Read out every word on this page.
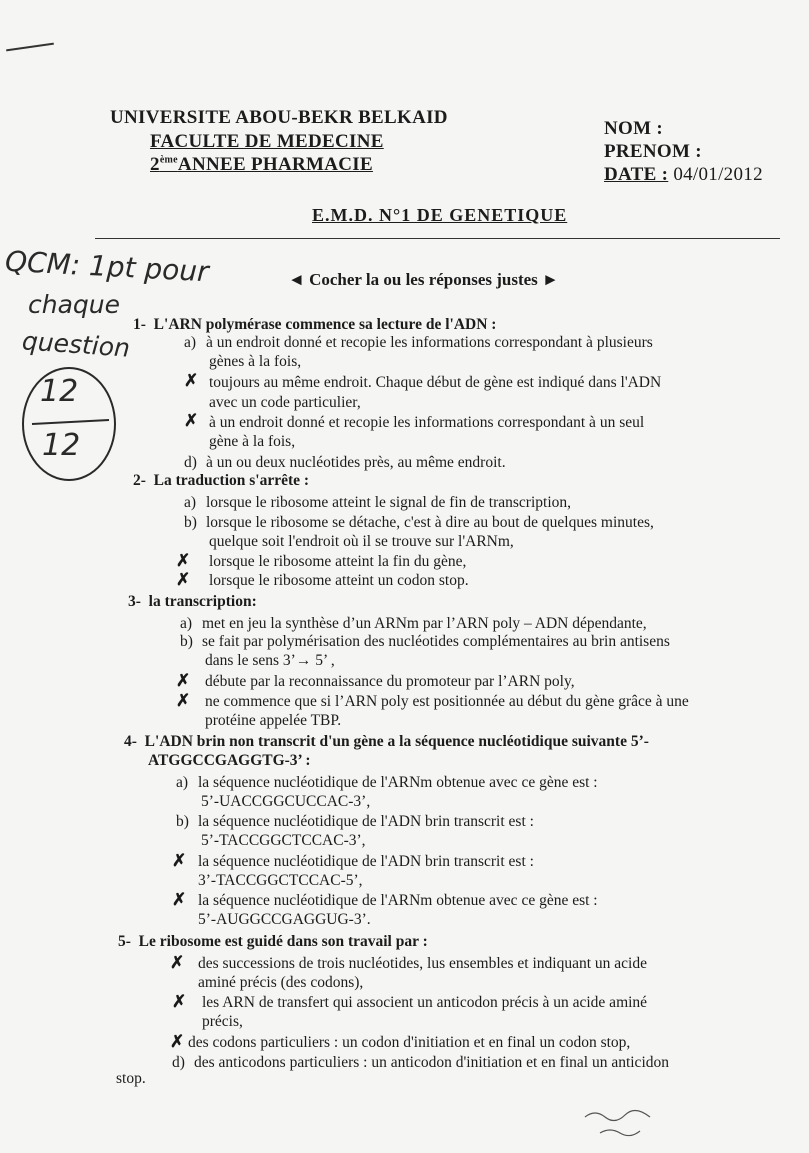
UNIVERSITE ABOU-BEKR BELKAID
FACULTE DE MEDECINE
2èmeANNEE PHARMACIE
NOM :
PRENOM :
DATE : 04/01/2012
E.M.D. N°1 DE GENETIQUE
◄ Cocher la ou les réponses justes ►
QCM: 1pt pour
chaque
question
12
12
1- L'ARN polymérase commence sa lecture de l'ADN :
a) à un endroit donné et recopie les informations correspondant à plusieurs
gènes à la fois,
toujours au même endroit. Chaque début de gène est indiqué dans l'ADN
avec un code particulier,
à un endroit donné et recopie les informations correspondant à un seul
gène à la fois,
d) à un ou deux nucléotides près, au même endroit.
✗
✗
2- La traduction s'arrête :
a) lorsque le ribosome atteint le signal de fin de transcription,
b) lorsque le ribosome se détache, c'est à dire au bout de quelques minutes,
quelque soit l'endroit où il se trouve sur l'ARNm,
lorsque le ribosome atteint la fin du gène,
lorsque le ribosome atteint un codon stop.
✗
✗
3- la transcription:
a) met en jeu la synthèse d’un ARNm par l’ARN poly – ADN dépendante,
b) se fait par polymérisation des nucléotides complémentaires au brin antisens
dans le sens 3’→ 5’ ,
débute par la reconnaissance du promoteur par l’ARN poly,
ne commence que si l’ARN poly est positionnée au début du gène grâce à une
protéine appelée TBP.
✗
✗
4- L'ADN brin non transcrit d'un gène a la séquence nucléotidique suivante 5’-
ATGGCCGAGGTG-3’ :
a) la séquence nucléotidique de l'ARNm obtenue avec ce gène est :
5’-UACCGGCUCCAC-3’,
b) la séquence nucléotidique de l'ADN brin transcrit est :
5’-TACCGGCTCCAC-3’,
la séquence nucléotidique de l'ADN brin transcrit est :
3’-TACCGGCTCCAC-5’,
la séquence nucléotidique de l'ARNm obtenue avec ce gène est :
5’-AUGGCCGAGGUG-3’.
✗
✗
5- Le ribosome est guidé dans son travail par :
des successions de trois nucléotides, lus ensembles et indiquant un acide
aminé précis (des codons),
les ARN de transfert qui associent un anticodon précis à un acide aminé
précis,
des codons particuliers : un codon d'initiation et en final un codon stop,
d) des anticodons particuliers : un anticodon d'initiation et en final un anticidon
stop.
✗
✗
✗
